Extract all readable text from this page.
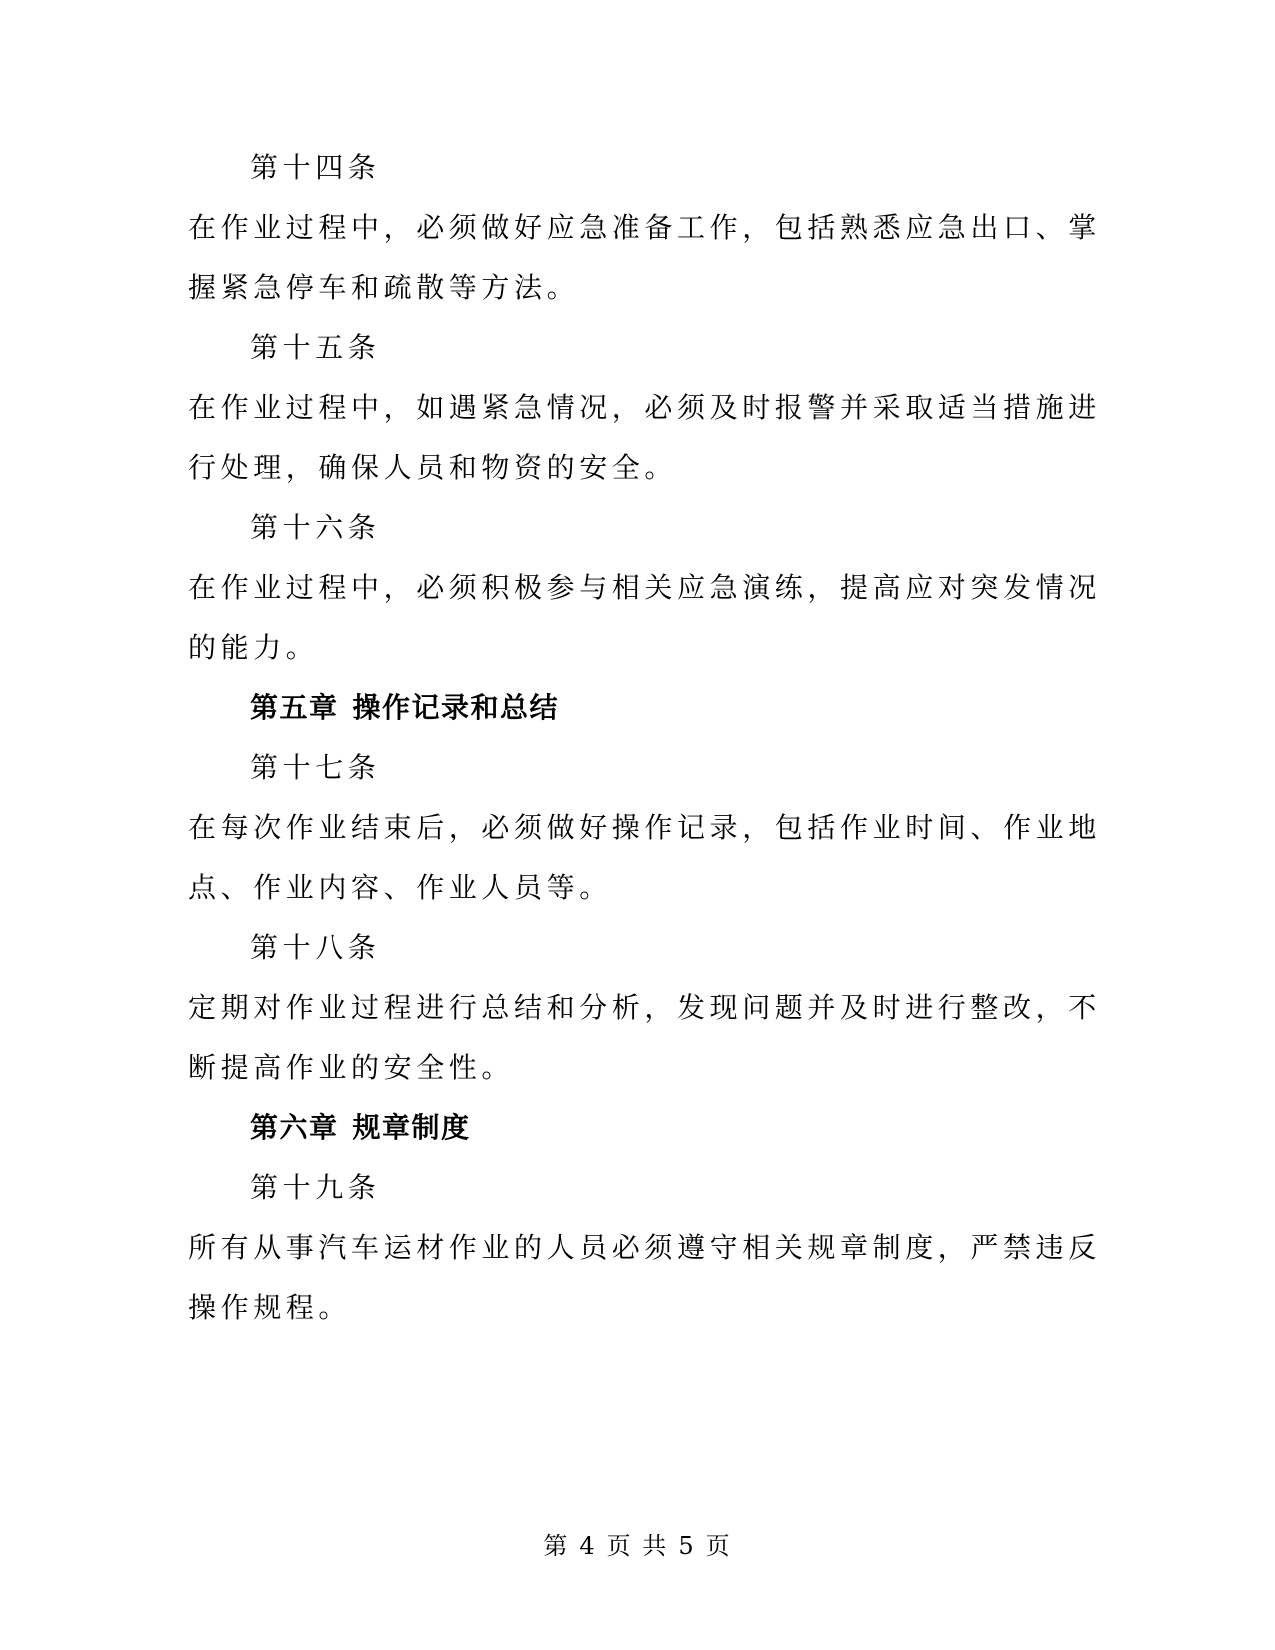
第十四条
在作业过程中，必须做好应急准备工作，包括熟悉应急出口、掌
握紧急停车和疏散等方法。
第十五条
在作业过程中，如遇紧急情况，必须及时报警并采取适当措施进
行处理，确保人员和物资的安全。
第十六条
在作业过程中，必须积极参与相关应急演练，提高应对突发情况
的能力。
第五章 操作记录和总结
第十七条
在每次作业结束后，必须做好操作记录，包括作业时间、作业地
点、作业内容、作业人员等。
第十八条
定期对作业过程进行总结和分析，发现问题并及时进行整改，不
断提高作业的安全性。
第六章 规章制度
第十九条
所有从事汽车运材作业的人员必须遵守相关规章制度，严禁违反
操作规程。
第 4 页 共 5 页
